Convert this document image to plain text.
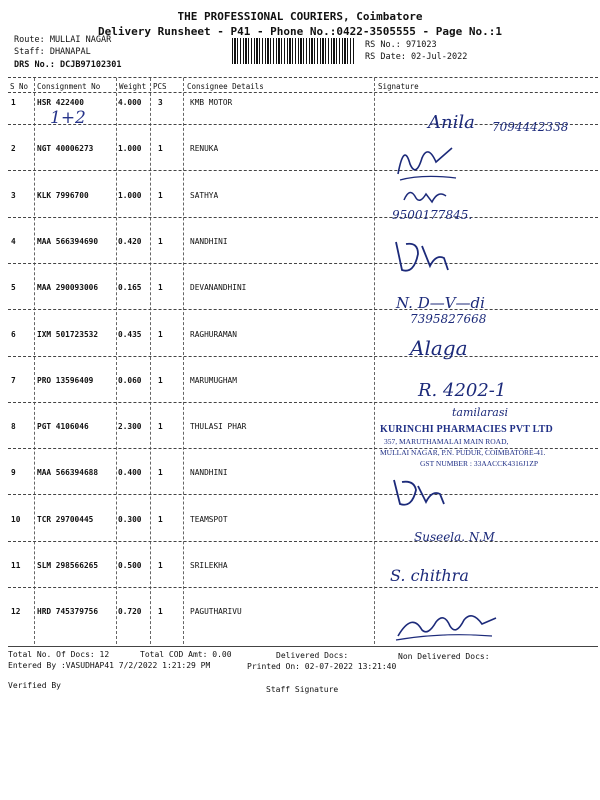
THE PROFESSIONAL COURIERS, Coimbatore
Delivery Runsheet - P41 - Phone No.:0422-3505555 - Page No.:1
Route: MULLAI NAGAR
Staff: DHANAPAL
DRS No.: DCJB97102301
RS No.: 971023
RS Date: 02-Jul-2022
S No Consignment No	Weight PCS	Consignee Details	Signature
1	HSR 422400	4.000 3	KMB MOTOR
2	NGT 40006273	1.000 1	RENUKA
3	KLK 7996700	1.000 1	SATHYA
4	MAA 566394690	0.420 1	NANDHINI
5	MAA 290093006	0.165 1	DEVANANDHINI
6	IXM 501723532	0.435 1	RAGHURAMAN
7	PRO 13596409	0.060 1	MARUMUGHAM
8	PGT 4106046	2.300 1	THULASI PHAR
9	MAA 566394688	0.400 1	NANDHINI
10 TCR 29700445	0.300 1	TEAMSPOT
11 SLM 298566265	0.500 1	SRILEKHA
12 HRD 745379756	0.720 1	PAGUTHARIVU
1+2	Anila 7094442338
9500177845.
N. D—V—di
7395827668
Alaga
R. 4202-1
tamilarasi
KURINCHI PHARMACIES PVT LTD
357, MARUTHAMALAI MAIN ROAD,
MULLAI NAGAR, P.N. PUDUR, COIMBATORE-41.
GST NUMBER : 33AACCK4316J1ZP
Suseela. N.M
S. chithra
Total No. Of Docs: 12	Total COD Amt: 0.00	Delivered Docs:	Non Delivered Docs:
Entered By :VASUDHAP41 7/2/2022 1:21:29 PM	Printed On: 02-07-2022 13:21:40
Verified By	Staff Signature
